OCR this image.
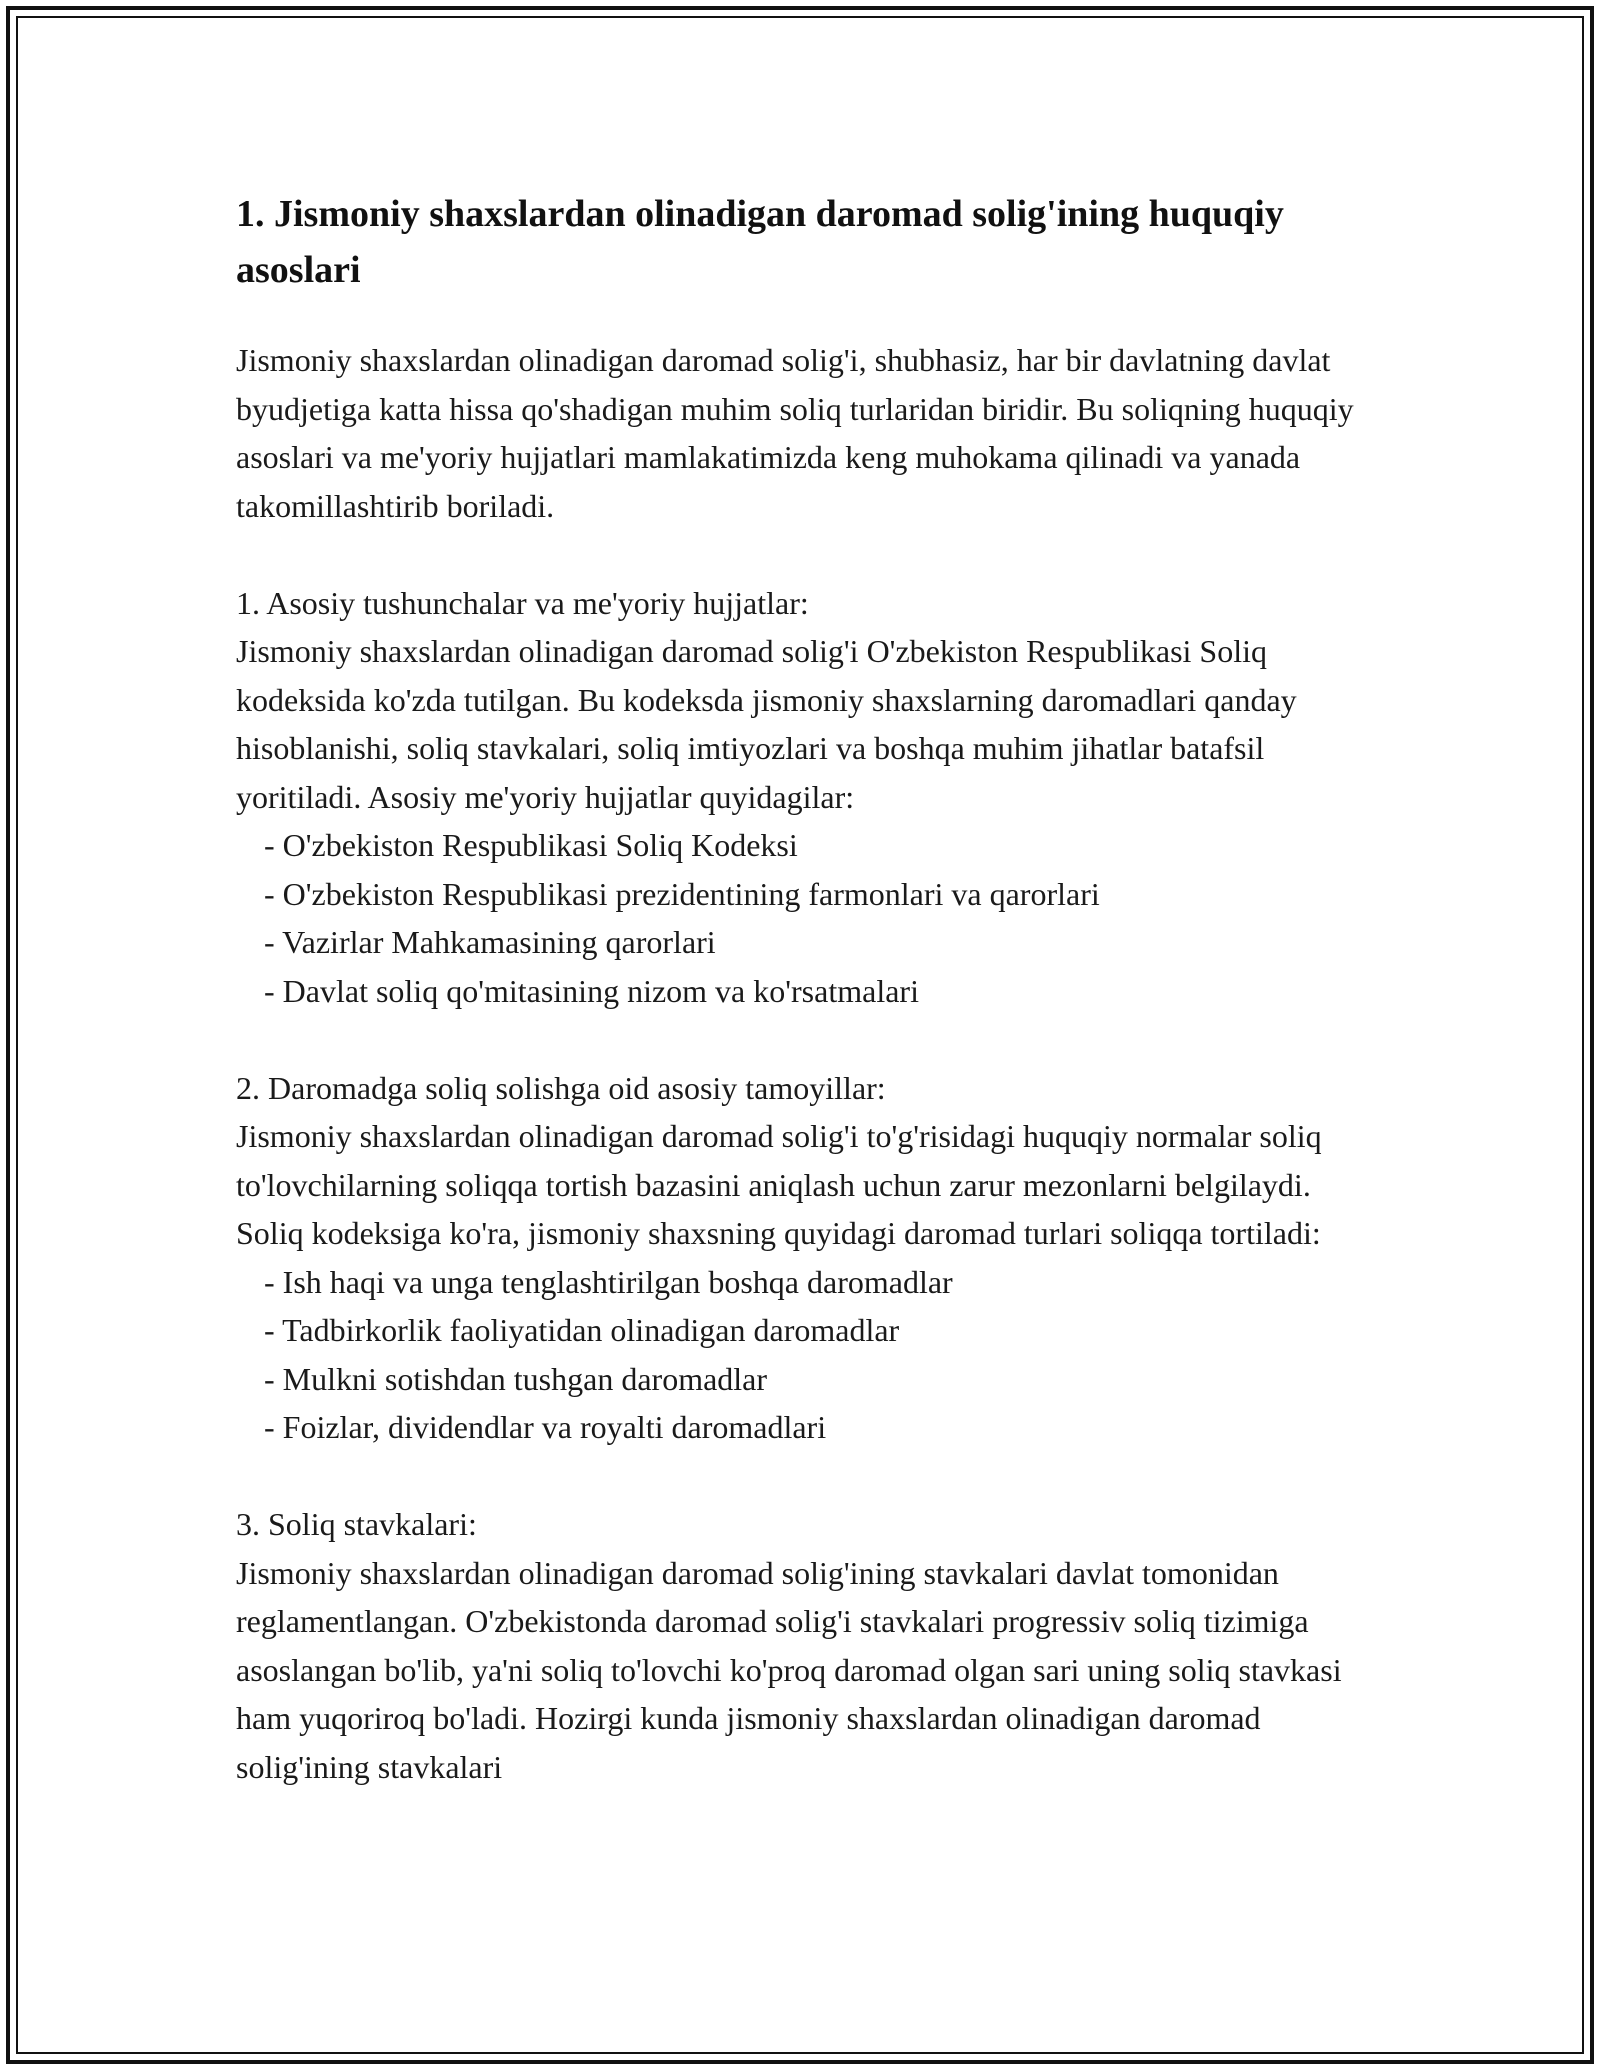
1. Jismoniy shaxslardan olinadigan daromad solig'ining huquqiy asoslari

Jismoniy shaxslardan olinadigan daromad solig'i, shubhasiz, har bir davlatning davlat byudjetiga katta hissa qo'shadigan muhim soliq turlaridan biridir. Bu soliqning huquqiy asoslari va me'yoriy hujjatlari mamlakatimizda keng muhokama qilinadi va yanada takomillashtirib boriladi.

1. Asosiy tushunchalar va me'yoriy hujjatlar:

Jismoniy shaxslardan olinadigan daromad solig'i O'zbekiston Respublikasi Soliq kodeksida ko'zda tutilgan. Bu kodeksda jismoniy shaxslarning daromadlari qanday hisoblanishi, soliq stavkalari, soliq imtiyozlari va boshqa muhim jihatlar batafsil yoritiladi. Asosiy me'yoriy hujjatlar quyidagilar:

- O'zbekiston Respublikasi Soliq Kodeksi
- O'zbekiston Respublikasi prezidentining farmonlari va qarorlari
- Vazirlar Mahkamasining qarorlari
- Davlat soliq qo'mitasining nizom va ko'rsatmalari

2. Daromadga soliq solishga oid asosiy tamoyillar:

Jismoniy shaxslardan olinadigan daromad solig'i to'g'risidagi huquqiy normalar soliq to'lovchilarning soliqqa tortish bazasini aniqlash uchun zarur mezonlarni belgilaydi. Soliq kodeksiga ko'ra, jismoniy shaxsning quyidagi daromad turlari soliqqa tortiladi:

- Ish haqi va unga tenglashtirilgan boshqa daromadlar
- Tadbirkorlik faoliyatidan olinadigan daromadlar
- Mulkni sotishdan tushgan daromadlar
- Foizlar, dividendlar va royalti daromadlari

3. Soliq stavkalari:

Jismoniy shaxslardan olinadigan daromad solig'ining stavkalari davlat tomonidan reglamentlangan. O'zbekistonda daromad solig'i stavkalari progressiv soliq tizimiga asoslangan bo'lib, ya'ni soliq to'lovchi ko'proq daromad olgan sari uning soliq stavkasi ham yuqoriroq bo'ladi. Hozirgi kunda jismoniy shaxslardan olinadigan daromad solig'ining stavkalari
